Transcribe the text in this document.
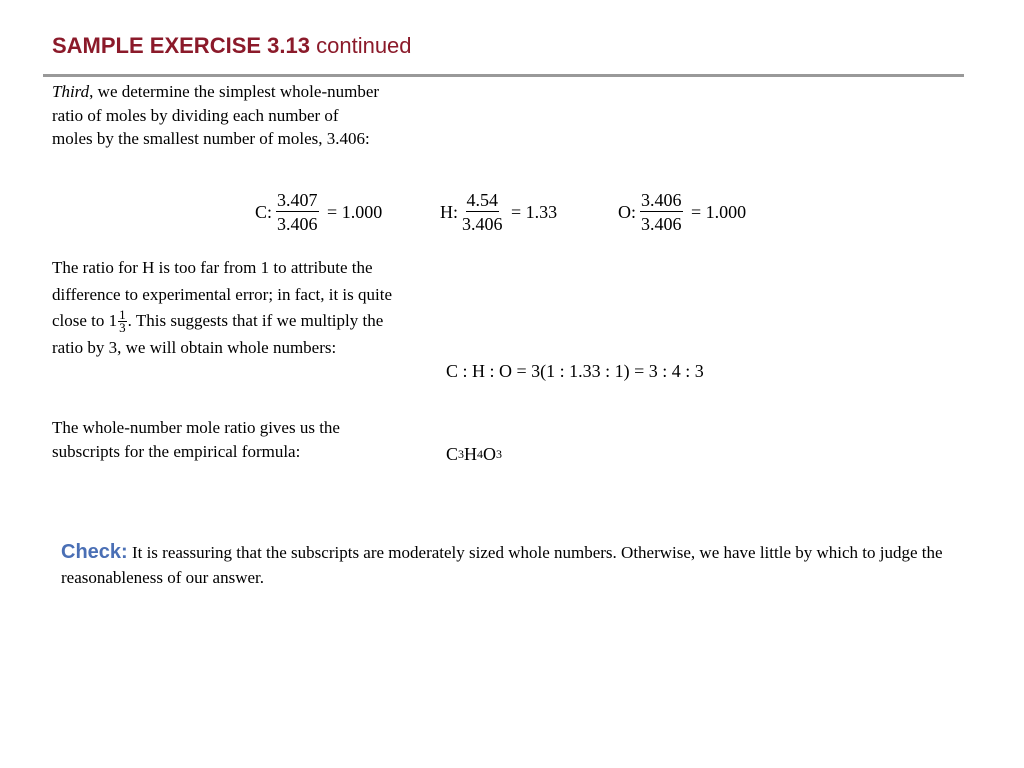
SAMPLE EXERCISE 3.13 continued
Third, we determine the simplest whole-number ratio of moles by dividing each number of moles by the smallest number of moles, 3.406:
C : $\frac{3.407}{3.406} = 1.000$	H : $\frac{4.54}{3.406} = 1.33$	O : $\frac{3.406}{3.406} = 1.000$
The ratio for H is too far from 1 to attribute the difference to experimental error; in fact, it is quite close to $1 \frac{1}{3}$ . This suggests that if we multiply the ratio by 3, we will obtain whole numbers:
C : H : O = 3(1 : 1.33 : 1) = 3 : 4 : 3
The whole-number mole ratio gives us the subscripts for the empirical formula:	C 3 H 4 O 3
Check: It is reassuring that the subscripts are moderately sized whole numbers. Otherwise, we have little by which to judge the reasonableness of our answer.
